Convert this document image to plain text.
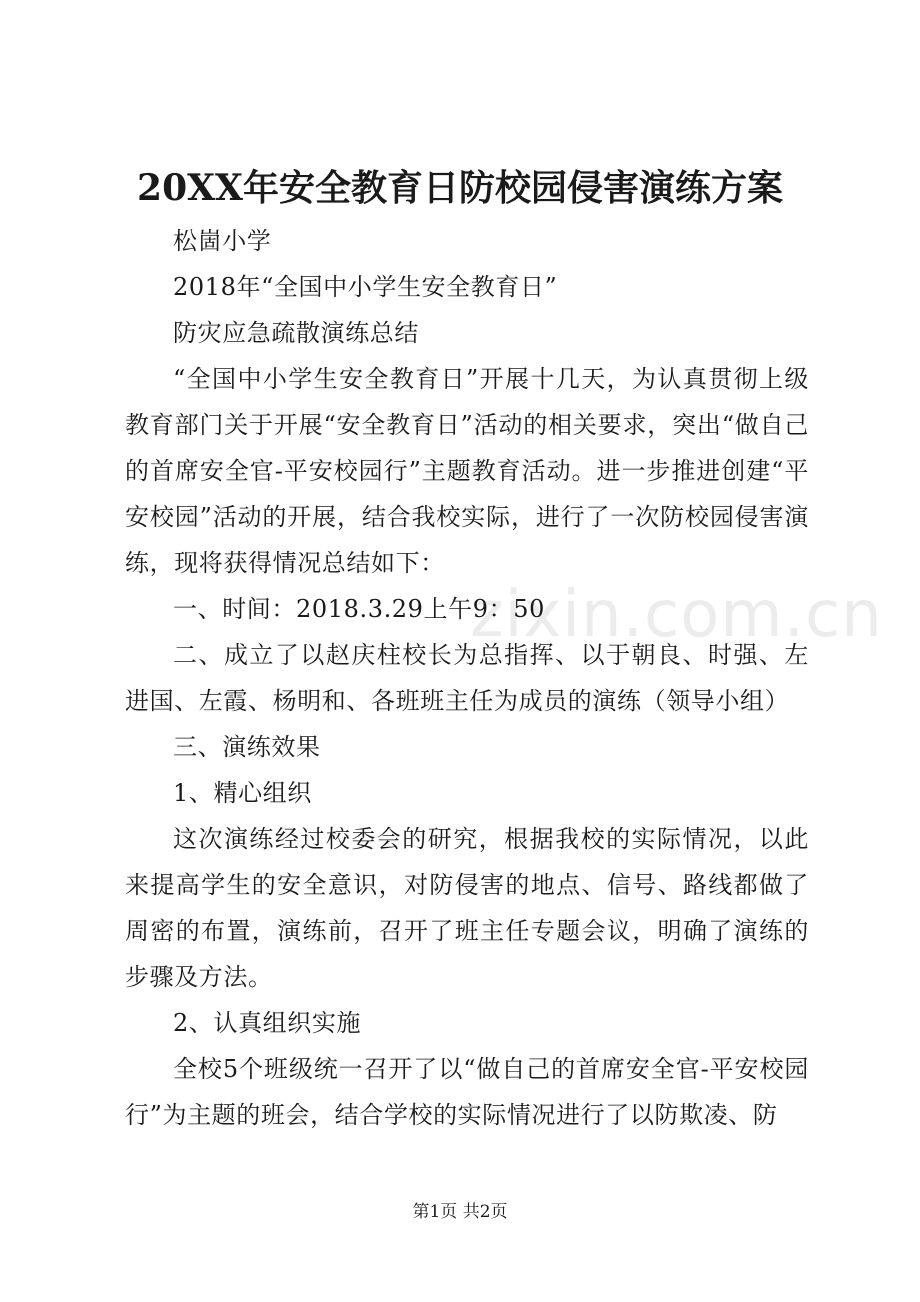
20XX年安全教育日防校园侵害演练方案
zixin.com.cn

松崮小学

2018年“全国中小学生安全教育日”

防灾应急疏散演练总结

“全国中小学生安全教育日”开展十几天，为认真贯彻上级教育部门关于开展“安全教育日”活动的相关要求，突出“做自己的首席安全官-平安校园行”主题教育活动。进一步推进创建“平安校园”活动的开展，结合我校实际，进行了一次防校园侵害演练，现将获得情况总结如下：

一、时间：2018.3.29上午9：50

二、成立了以赵庆柱校长为总指挥、以于朝良、时强、左进国、左霞、杨明和、各班班主任为成员的演练（领导小组）

三、演练效果

1、精心组织

这次演练经过校委会的研究，根据我校的实际情况，以此来提高学生的安全意识，对防侵害的地点、信号、路线都做了周密的布置，演练前，召开了班主任专题会议，明确了演练的步骤及方法。

2、认真组织实施

全校5个班级统一召开了以“做自己的首席安全官-平安校园行”为主题的班会，结合学校的实际情况进行了以防欺凌、防

第1页 共2页
